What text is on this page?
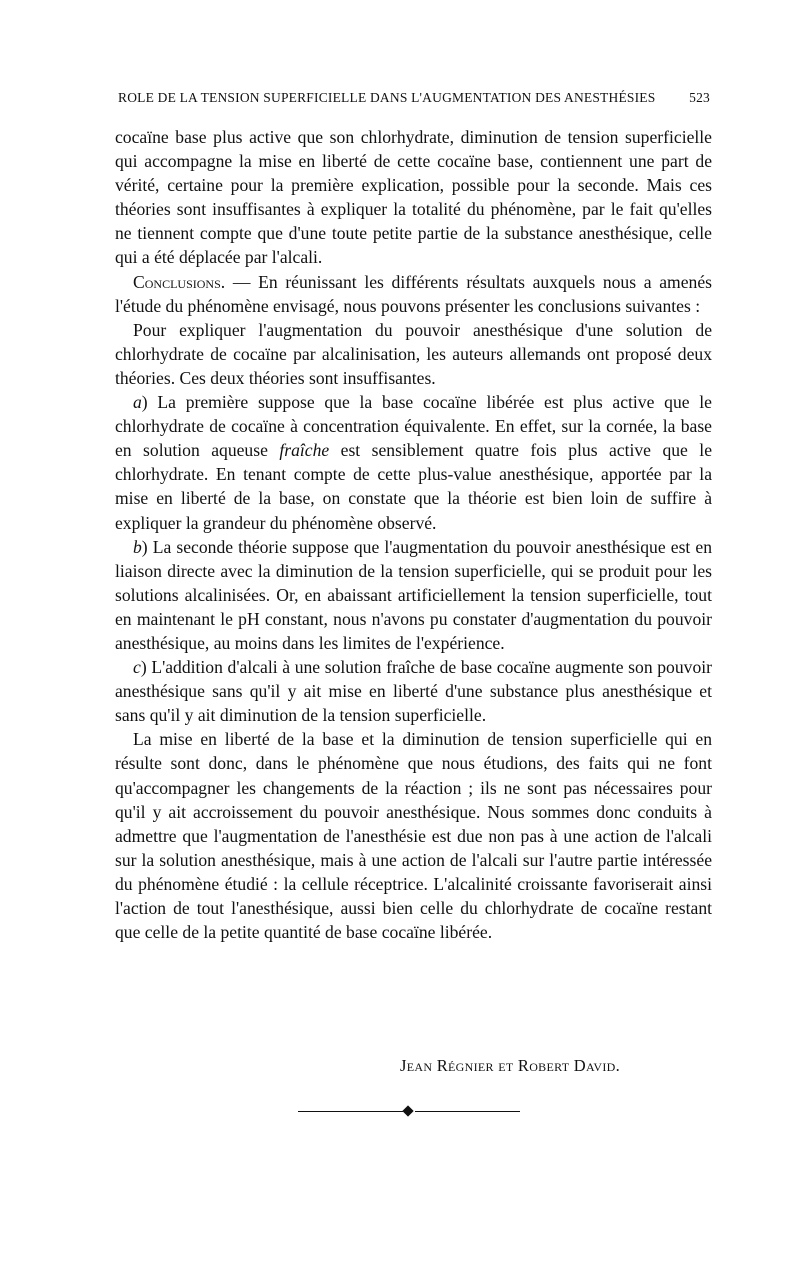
ROLE DE LA TENSION SUPERFICIELLE DANS L'AUGMENTATION DES ANESTHÉSIES 523

cocaïne base plus active que son chlorhydrate, diminution de tension superficielle qui accompagne la mise en liberté de cette cocaïne base, contiennent une part de vérité, certaine pour la première explication, possible pour la seconde. Mais ces théories sont insuffisantes à expliquer la totalité du phénomène, par le fait qu'elles ne tiennent compte que d'une toute petite partie de la substance anesthésique, celle qui a été déplacée par l'alcali.

Conclusions. — En réunissant les différents résultats auxquels nous a amenés l'étude du phénomène envisagé, nous pouvons présenter les conclusions suivantes :

Pour expliquer l'augmentation du pouvoir anesthésique d'une solution de chlorhydrate de cocaïne par alcalinisation, les auteurs allemands ont proposé deux théories. Ces deux théories sont insuffisantes.

a) La première suppose que la base cocaïne libérée est plus active que le chlorhydrate de cocaïne à concentration équivalente. En effet, sur la cornée, la base en solution aqueuse fraîche est sensiblement quatre fois plus active que le chlorhydrate. En tenant compte de cette plus-value anesthésique, apportée par la mise en liberté de la base, on constate que la théorie est bien loin de suffire à expliquer la grandeur du phénomène observé.

b) La seconde théorie suppose que l'augmentation du pouvoir anesthésique est en liaison directe avec la diminution de la tension superficielle, qui se produit pour les solutions alcalinisées. Or, en abaissant artificiellement la tension superficielle, tout en maintenant le pH constant, nous n'avons pu constater d'augmentation du pouvoir anesthésique, au moins dans les limites de l'expérience.

c) L'addition d'alcali à une solution fraîche de base cocaïne augmente son pouvoir anesthésique sans qu'il y ait mise en liberté d'une substance plus anesthésique et sans qu'il y ait diminution de la tension superficielle.

La mise en liberté de la base et la diminution de tension superficielle qui en résulte sont donc, dans le phénomène que nous étudions, des faits qui ne font qu'accompagner les changements de la réaction ; ils ne sont pas nécessaires pour qu'il y ait accroissement du pouvoir anesthésique. Nous sommes donc conduits à admettre que l'augmentation de l'anesthésie est due non pas à une action de l'alcali sur la solution anesthésique, mais à une action de l'alcali sur l'autre partie intéressée du phénomène étudié : la cellule réceptrice. L'alcalinité croissante favoriserait ainsi l'action de tout l'anesthésique, aussi bien celle du chlorhydrate de cocaïne restant que celle de la petite quantité de base cocaïne libérée.

Jean Régnier et Robert David.
